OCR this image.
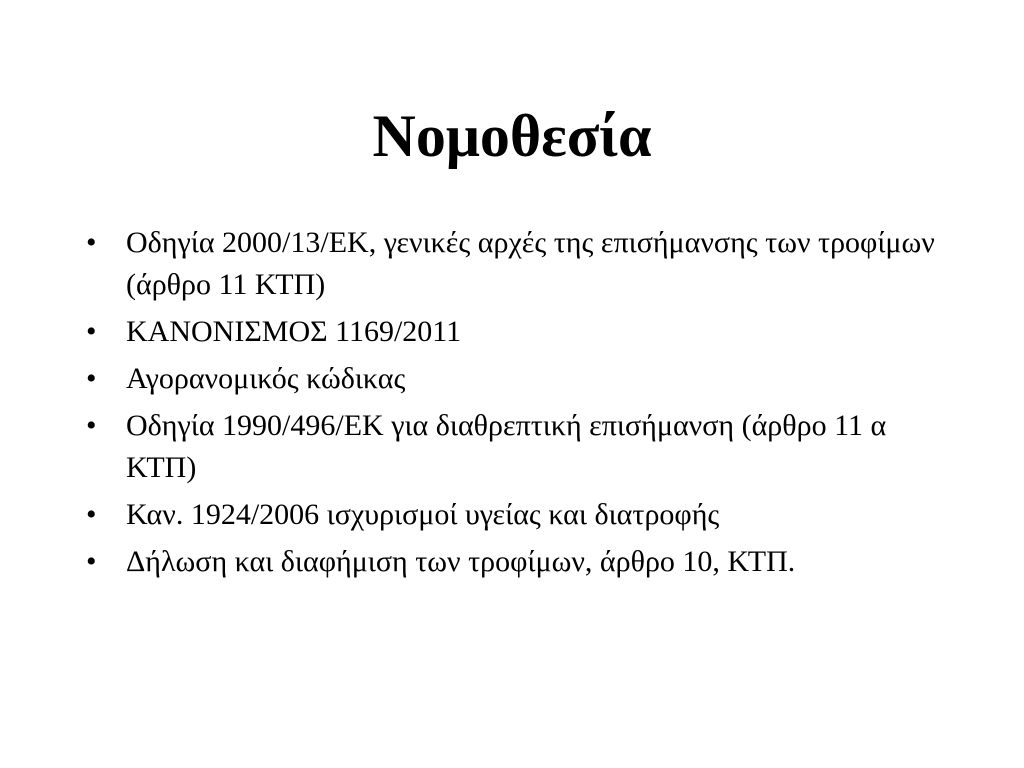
Νομοθεσία
• Οδηγία 2000/13/ΕΚ, γενικές αρχές της επισήμανσης των τροφίμων (άρθρο 11 ΚΤΠ)
• ΚΑΝΟΝΙΣΜΟΣ 1169/2011
• Αγορανομικός κώδικας
• Οδηγία 1990/496/ΕΚ για διαθρεπτική επισήμανση (άρθρο 11 α ΚΤΠ)
• Καν. 1924/2006 ισχυρισμοί υγείας και διατροφής
• Δήλωση και διαφήμιση των τροφίμων, άρθρο 10, ΚΤΠ.
